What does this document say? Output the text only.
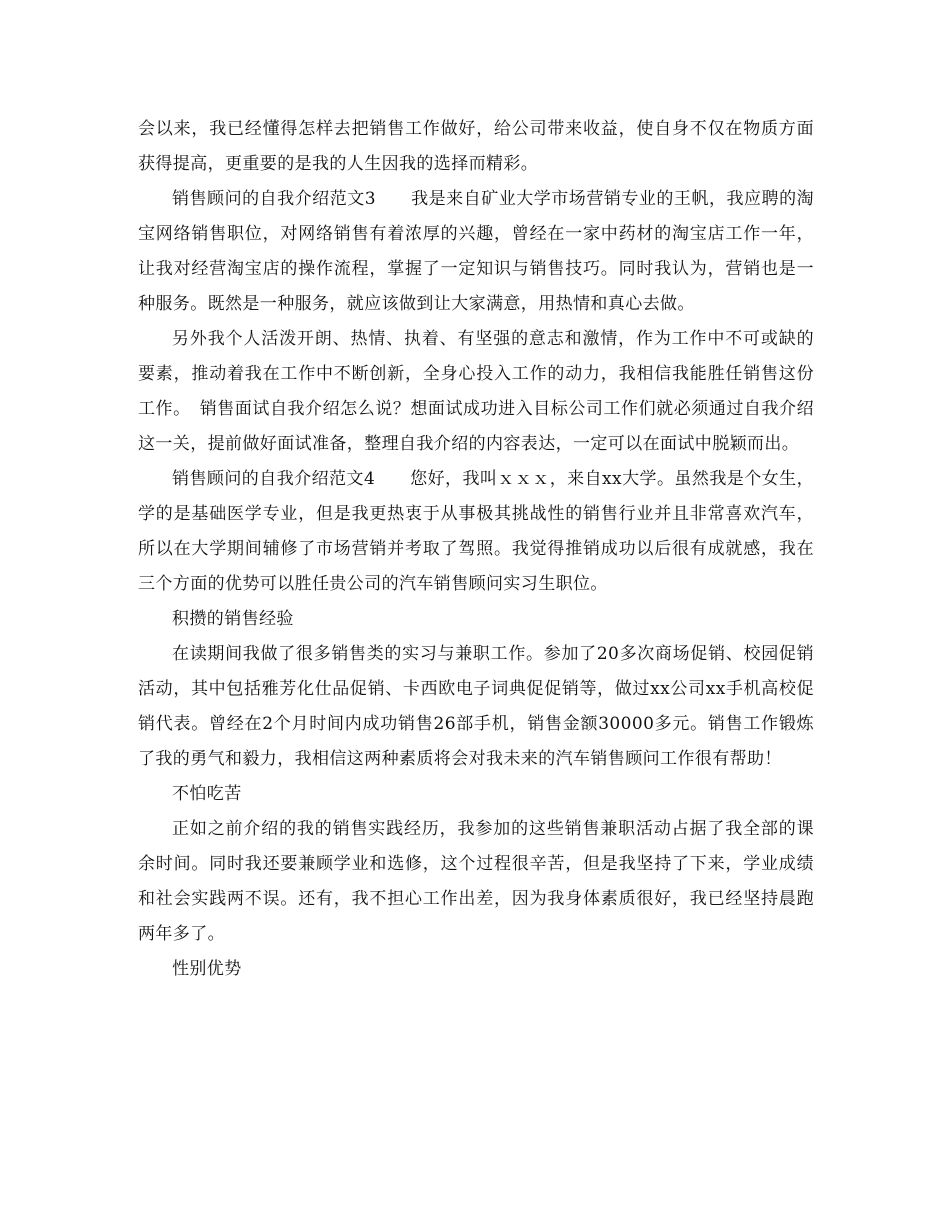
会以来，我已经懂得怎样去把销售工作做好，给公司带来收益，使自身不仅在物质方面获得提高，更重要的是我的人生因我的选择而精彩。

销售顾问的自我介绍范文3　　我是来自矿业大学市场营销专业的王帆，我应聘的淘宝网络销售职位，对网络销售有着浓厚的兴趣，曾经在一家中药材的淘宝店工作一年，让我对经营淘宝店的操作流程，掌握了一定知识与销售技巧。同时我认为，营销也是一种服务。既然是一种服务，就应该做到让大家满意，用热情和真心去做。

另外我个人活泼开朗、热情、执着、有坚强的意志和激情，作为工作中不可或缺的要素，推动着我在工作中不断创新，全身心投入工作的动力，我相信我能胜任销售这份工作。　销售面试自我介绍怎么说？想面试成功进入目标公司工作们就必须通过自我介绍这一关，提前做好面试准备，整理自我介绍的内容表达，一定可以在面试中脱颖而出。

销售顾问的自我介绍范文4　　您好，我叫ｘｘｘ，来自xx大学。虽然我是个女生，学的是基础医学专业，但是我更热衷于从事极其挑战性的销售行业并且非常喜欢汽车，所以在大学期间辅修了市场营销并考取了驾照。我觉得推销成功以后很有成就感，我在三个方面的优势可以胜任贵公司的汽车销售顾问实习生职位。

积攒的销售经验

在读期间我做了很多销售类的实习与兼职工作。参加了20多次商场促销、校园促销活动，其中包括雅芳化仕品促销、卡西欧电子词典促促销等，做过xx公司xx手机高校促销代表。曾经在2个月时间内成功销售26部手机，销售金额30000多元。销售工作锻炼了我的勇气和毅力，我相信这两种素质将会对我未来的汽车销售顾问工作很有帮助！

不怕吃苦

正如之前介绍的我的销售实践经历，我参加的这些销售兼职活动占据了我全部的课余时间。同时我还要兼顾学业和选修，这个过程很辛苦，但是我坚持了下来，学业成绩和社会实践两不误。还有，我不担心工作出差，因为我身体素质很好，我已经坚持晨跑两年多了。

性别优势
